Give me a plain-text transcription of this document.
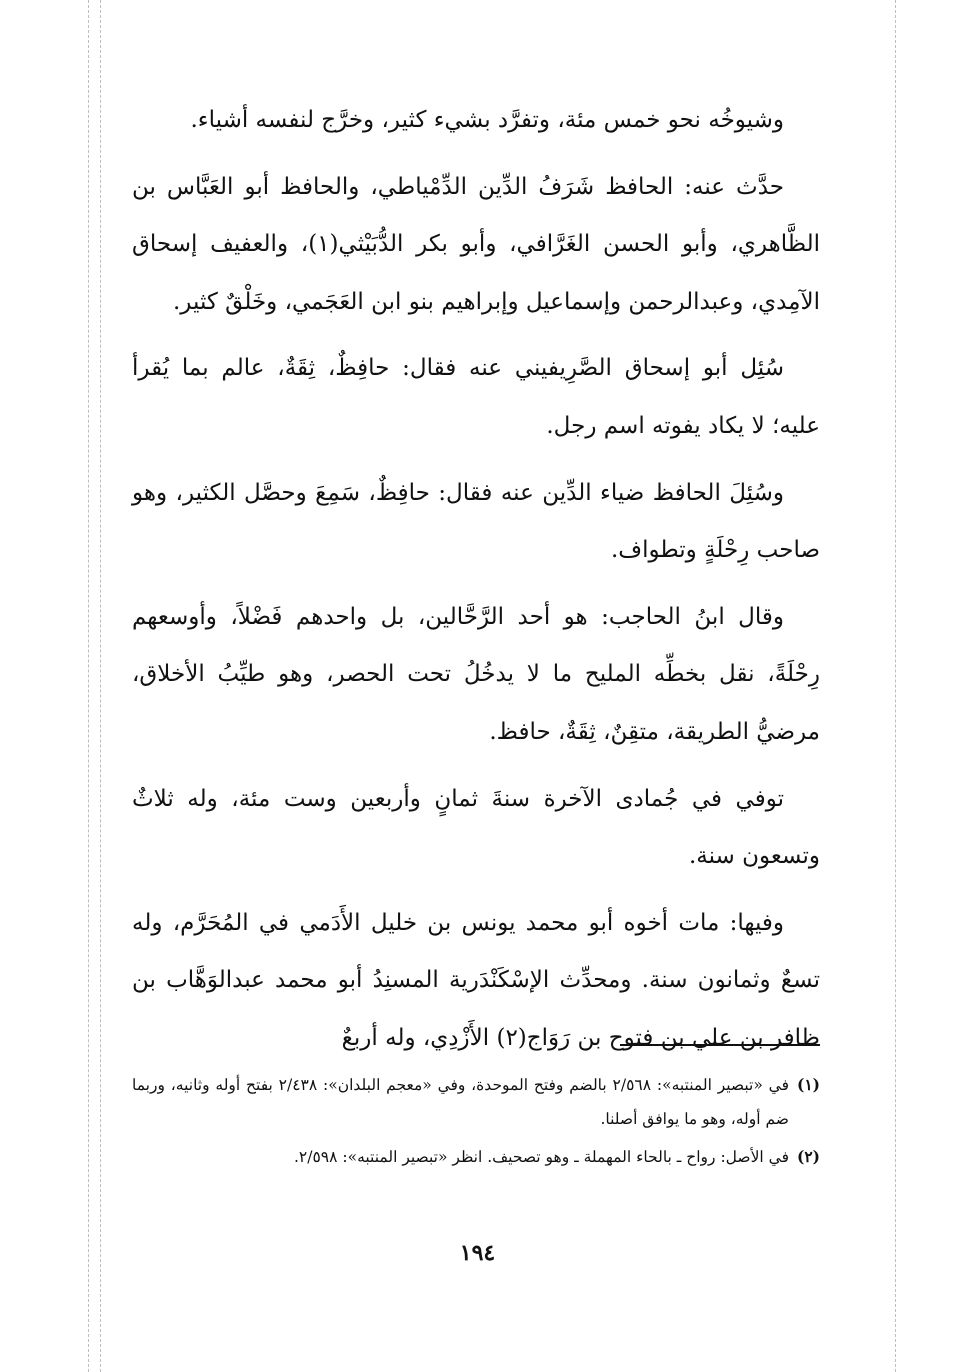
وشيوخُه نحو خمس مئة، وتفرَّد بشيء كثير، وخرَّج لنفسه أشياء.

حدَّث عنه: الحافظ شَرَفُ الدِّين الدِّمْياطي، والحافظ أبو العَبَّاس بن الظَّاهري، وأبو الحسن الغَرَّافي، وأبو بكر الدُّبَيْثي(١)، والعفيف إسحاق الآمِدي، وعبدالرحمن وإسماعيل وإبراهيم بنو ابن العَجَمي، وخَلْقٌ كثير.

سُئِل أبو إسحاق الصَّرِيفيني عنه فقال: حافِظٌ، ثِقَةٌ، عالم بما يُقرأ عليه؛ لا يكاد يفوته اسم رجل.

وسُئِلَ الحافظ ضياء الدِّين عنه فقال: حافِظٌ، سَمِعَ وحصَّل الكثير، وهو صاحب رِحْلَةٍ وتطواف.

وقال ابنُ الحاجب: هو أحد الرَّحَّالين، بل واحدهم فَضْلاً، وأوسعهم رِحْلَةً، نقل بخطِّه المليح ما لا يدخُلُ تحت الحصر، وهو طيِّبُ الأخلاق، مرضيُّ الطريقة، متقِنٌ، ثِقَةٌ، حافظ.

توفي في جُمادى الآخرة سنةَ ثمانٍ وأربعين وست مئة، وله ثلاثٌ وتسعون سنة.

وفيها: مات أخوه أبو محمد يونس بن خليل الأَدَمي في المُحَرَّم، وله تسعٌ وثمانون سنة. ومحدِّث الإسْكَنْدَرية المسنِدُ أبو محمد عبدالوَهَّاب بن ظافر بن علي بن فتوح بن رَوَاج(٢) الأَزْدِي، وله أربعٌ

(١)
في «تبصير المنتبه»: ٢/٥٦٨ بالضم وفتح الموحدة، وفي «معجم البلدان»: ٢/٤٣٨ بفتح أوله وثانيه، وربما ضم أوله، وهو ما يوافق أصلنا.
(٢)
في الأصل: رواح ـ بالحاء المهملة ـ وهو تصحيف. انظر «تبصير المنتبه»: ٢/٥٩٨.
١٩٤
